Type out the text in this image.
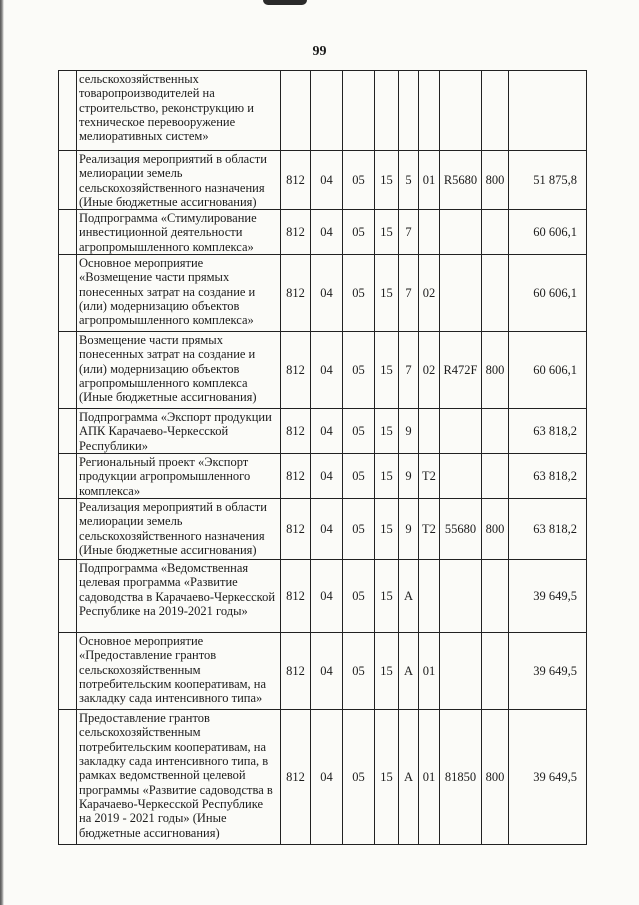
99
	сельскохозяйственных товаропроизводителей на строительство, реконструкцию и техническое перевооружение мелиоративных систем»									
	Реализация мероприятий в области мелиорации земель сельскохозяйственного назначения (Иные бюджетные ассигнования)	812	04	05	15	5	01	R5680	800	51 875,8
	Подпрограмма «Стимулирование инвестиционной деятельности агропромышленного комплекса»	812	04	05	15	7				60 606,1
	Основное мероприятие «Возмещение части прямых понесенных затрат на создание и (или) модернизацию объектов агропромышленного комплекса»	812	04	05	15	7	02			60 606,1
	Возмещение части прямых понесенных затрат на создание и (или) модернизацию объектов агропромышленного комплекса (Иные бюджетные ассигнования)	812	04	05	15	7	02	R472F	800	60 606,1
	Подпрограмма «Экспорт продукции АПК Карачаево-Черкесской Республики»	812	04	05	15	9				63 818,2
	Региональный проект «Экспорт продукции агропромышленного комплекса»	812	04	05	15	9	T2			63 818,2
	Реализация мероприятий в области мелиорации земель сельскохозяйственного назначения (Иные бюджетные ассигнования)	812	04	05	15	9	T2	55680	800	63 818,2
	Подпрограмма «Ведомственная целевая программа «Развитие садоводства в Карачаево-Черкесской Республике на 2019-2021 годы»	812	04	05	15	A				39 649,5
	Основное мероприятие «Предоставление грантов сельскохозяйственным потребительским кооперативам, на закладку сада интенсивного типа»	812	04	05	15	A	01			39 649,5
	Предоставление грантов сельскохозяйственным потребительским кооперативам, на закладку сада интенсивного типа, в рамках ведомственной целевой программы «Развитие садоводства в Карачаево-Черкесской Республике на 2019 - 2021 годы» (Иные бюджетные ассигнования)	812	04	05	15	A	01	81850	800	39 649,5
